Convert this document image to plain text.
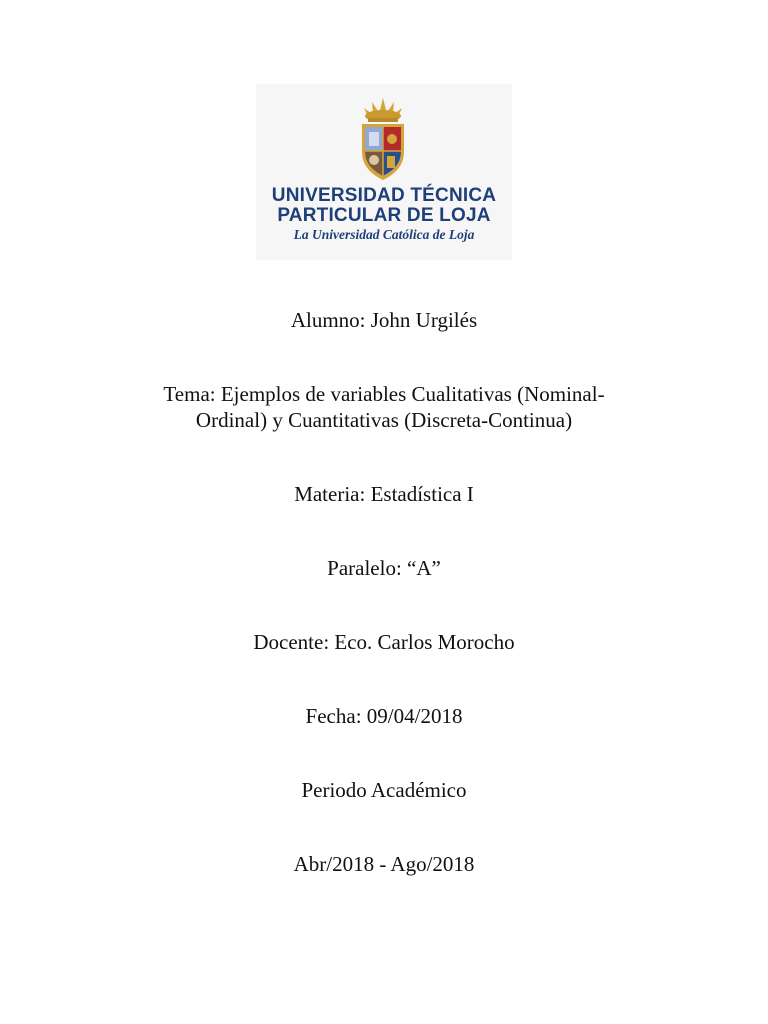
UNIVERSIDAD TÉCNICA
PARTICULAR DE LOJA
La Universidad Católica de Loja
Alumno: John Urgilés
Tema: Ejemplos de variables Cualitativas (Nominal-
Ordinal) y Cuantitativas (Discreta-Continua)
Materia: Estadística I
Paralelo: “A”
Docente: Eco. Carlos Morocho
Fecha: 09/04/2018
Periodo Académico
Abr/2018 - Ago/2018
